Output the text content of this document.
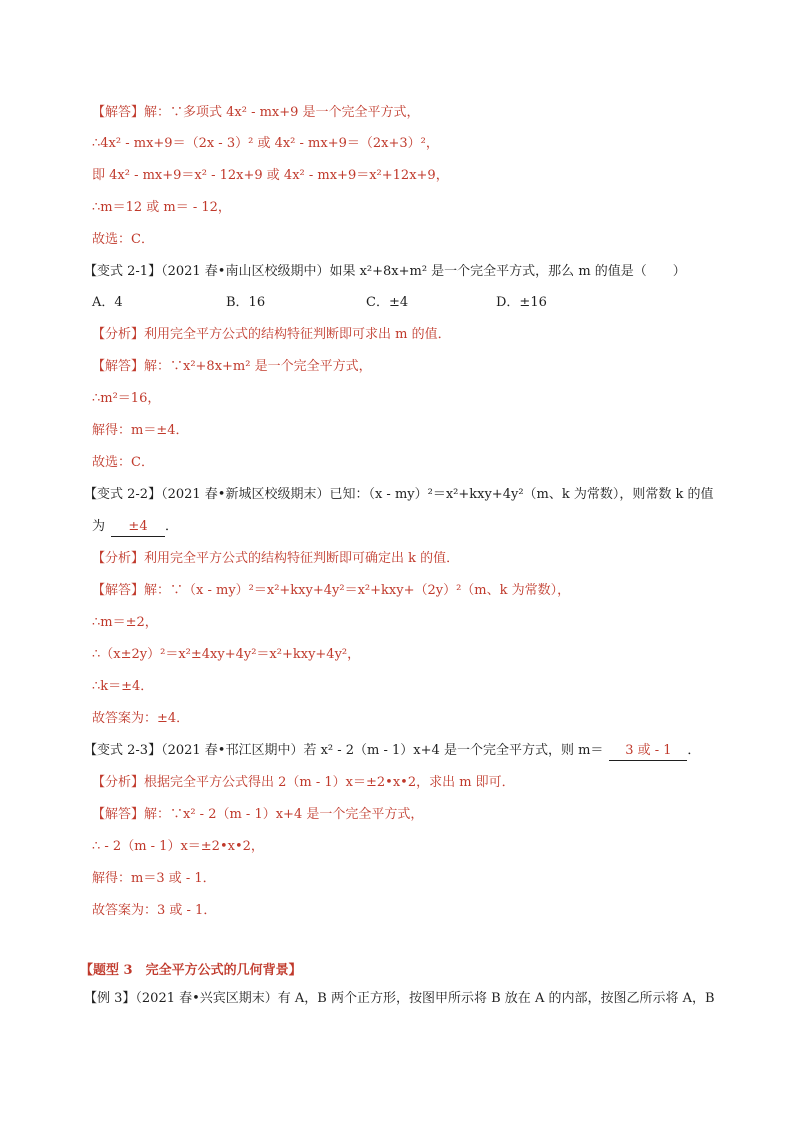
【解答】解：∵多项式 4x² - mx+9 是一个完全平方式，
∴4x² - mx+9＝（2x - 3）² 或 4x² - mx+9＝（2x+3）²，
即 4x² - mx+9＝x² - 12x+9 或 4x² - mx+9＝x²+12x+9，
∴m＝12 或 m＝ - 12，
故选：C．
【变式 2-1】（2021 春•南山区校级期中）如果 x²+8x+m² 是一个完全平方式，那么 m 的值是（　　）
A．4	B．16	C．±4	D．±16
【分析】利用完全平方公式的结构特征判断即可求出 m 的值．
【解答】解：∵x²+8x+m² 是一个完全平方式，
∴m²＝16，
解得：m＝±4．
故选：C．
【变式 2-2】（2021 春•新城区校级期末）已知：（x - my）²＝x²+kxy+4y²（m、k 为常数），则常数 k 的值
【分析】利用完全平方公式的结构特征判断即可确定出 k 的值．
【解答】解：∵（x - my）²＝x²+kxy+4y²＝x²+kxy+（2y）²（m、k 为常数），
∴m＝±2，
∴（x±2y）²＝x²±4xy+4y²＝x²+kxy+4y²，
∴k＝±4．
故答案为：±4．
【分析】根据完全平方公式得出 2（m - 1）x＝±2•x•2，求出 m 即可．
【解答】解：∵x² - 2（m - 1）x+4 是一个完全平方式，
∴ - 2（m - 1）x＝±2•x•2，
解得：m＝3 或 - 1．
故答案为：3 或 - 1．
为 ±4 ．
【变式 2-3】（2021 春•邗江区期中）若 x² - 2（m - 1）x+4 是一个完全平方式，则 m＝ 3 或 - 1 ．
【题型 3　完全平方公式的几何背景】
【例 3】（2021 春•兴宾区期末）有 A，B 两个正方形，按图甲所示将 B 放在 A 的内部，按图乙所示将 A，B
